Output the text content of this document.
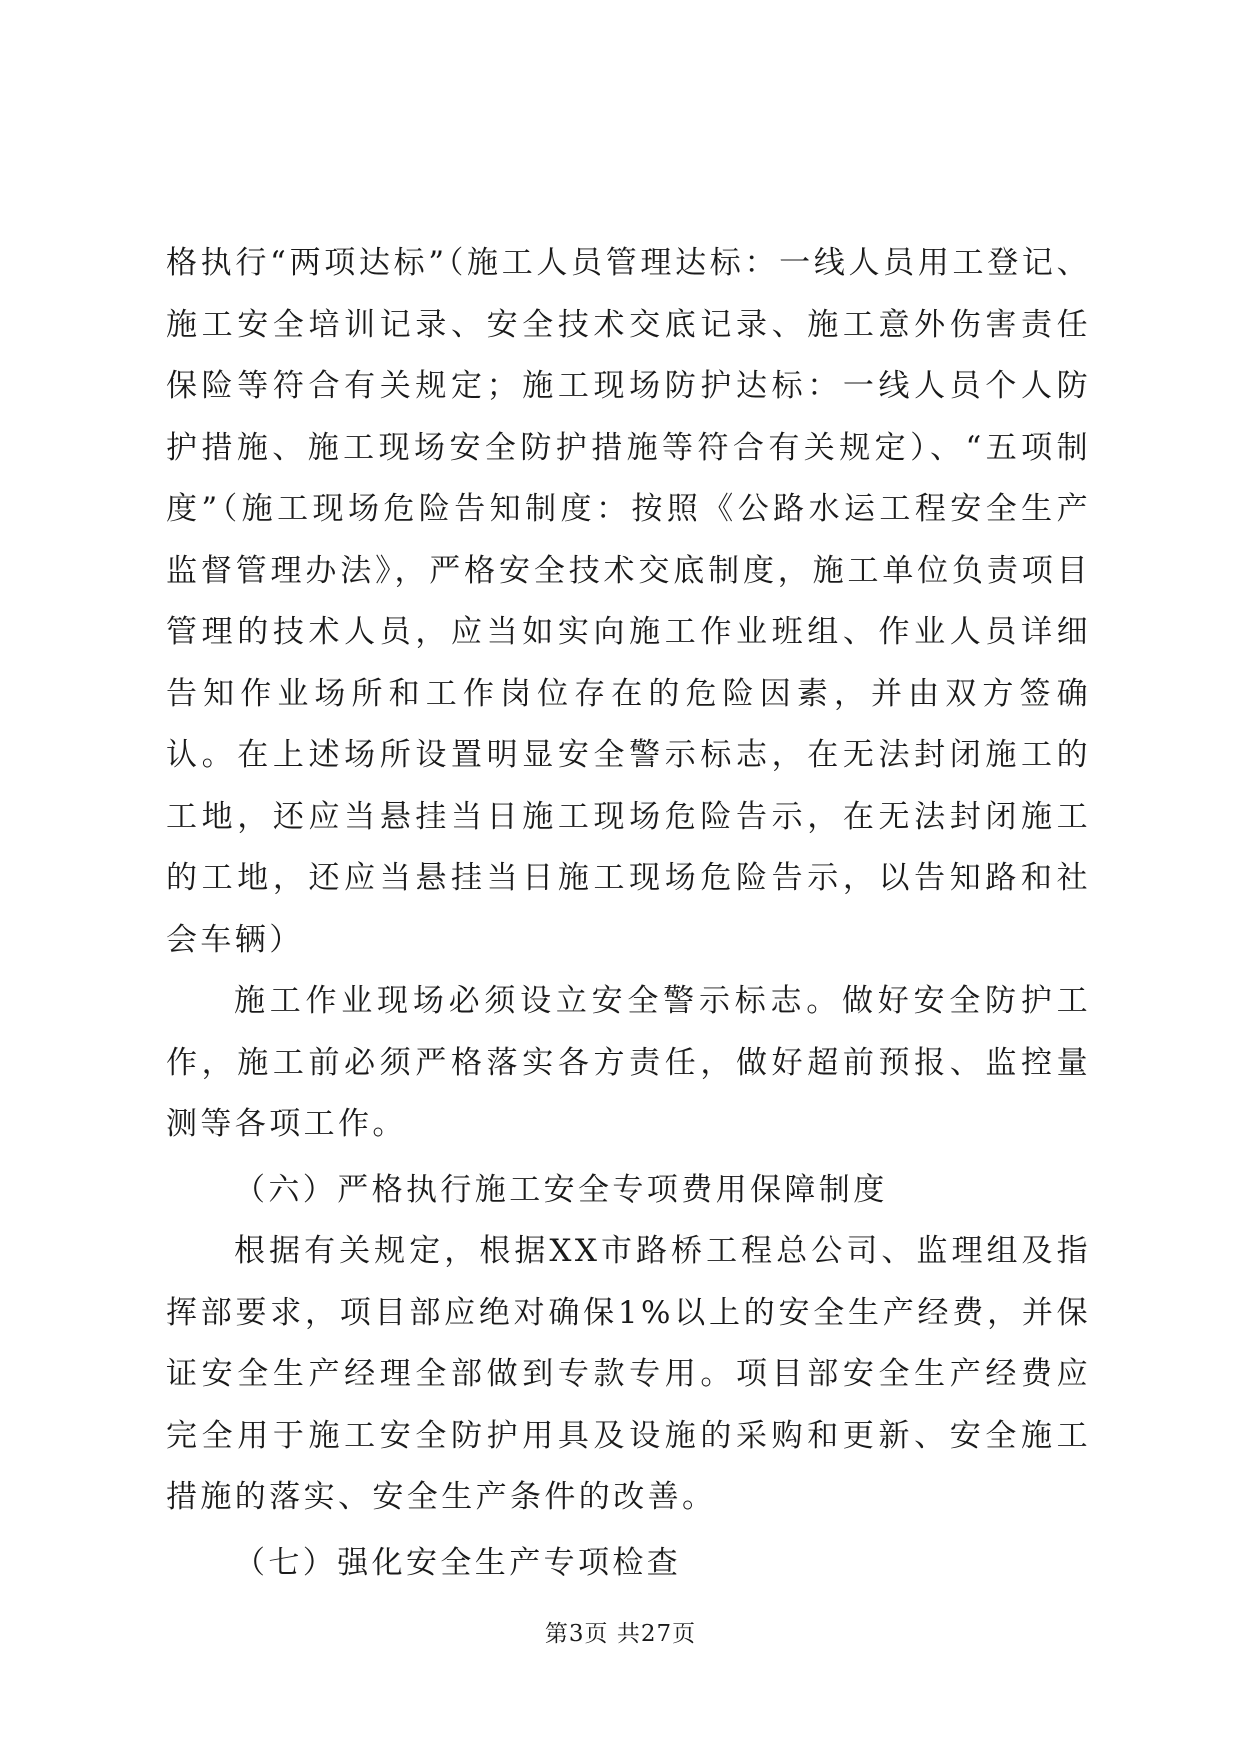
格执行“两项达标”（施工人员管理达标：一线人员用工登记、施工安全培训记录、安全技术交底记录、施工意外伤害责任保险等符合有关规定；施工现场防护达标：一线人员个人防护措施、施工现场安全防护措施等符合有关规定）、“五项制度”（施工现场危险告知制度：按照《公路水运工程安全生产监督管理办法》，严格安全技术交底制度，施工单位负责项目管理的技术人员，应当如实向施工作业班组、作业人员详细告知作业场所和工作岗位存在的危险因素，并由双方签确认。在上述场所设置明显安全警示标志，在无法封闭施工的工地，还应当悬挂当日施工现场危险告示，在无法封闭施工的工地，还应当悬挂当日施工现场危险告示，以告知路和社会车辆）

施工作业现场必须设立安全警示标志。做好安全防护工作，施工前必须严格落实各方责任，做好超前预报、监控量测等各项工作。

（六）严格执行施工安全专项费用保障制度

根据有关规定，根据XX市路桥工程总公司、监理组及指挥部要求，项目部应绝对确保1%以上的安全生产经费，并保证安全生产经理全部做到专款专用。项目部安全生产经费应完全用于施工安全防护用具及设施的采购和更新、安全施工措施的落实、安全生产条件的改善。

（七）强化安全生产专项检查

第3页 共27页
